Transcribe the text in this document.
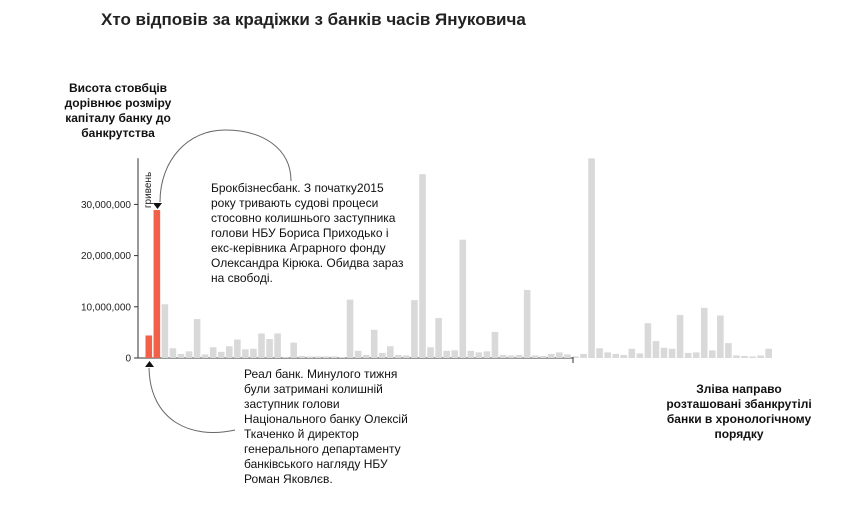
0
10,000,000
20,000,000
30,000,000 гривень
Хто відповів за крадіжки з банків часів Януковича
Висота стовбців дорівнює розміру капіталу банку до банкрутства
Зліва направо розташовані збанкрутілі банки в хронологічному порядку
Брокбізнесбанк. З початку2015 року тривають судові процеси стосовно колишнього заступника голови НБУ Бориса Приходько і екс-керівника Аграрного фонду Олександра Кірюка. Обидва зараз на свободі.
Реал банк. Минулого тижня були затримані колишній заступник голови Національного банку Олексій Ткаченко й директор генерального департаменту банківського нагляду НБУ Роман Яковлєв.
